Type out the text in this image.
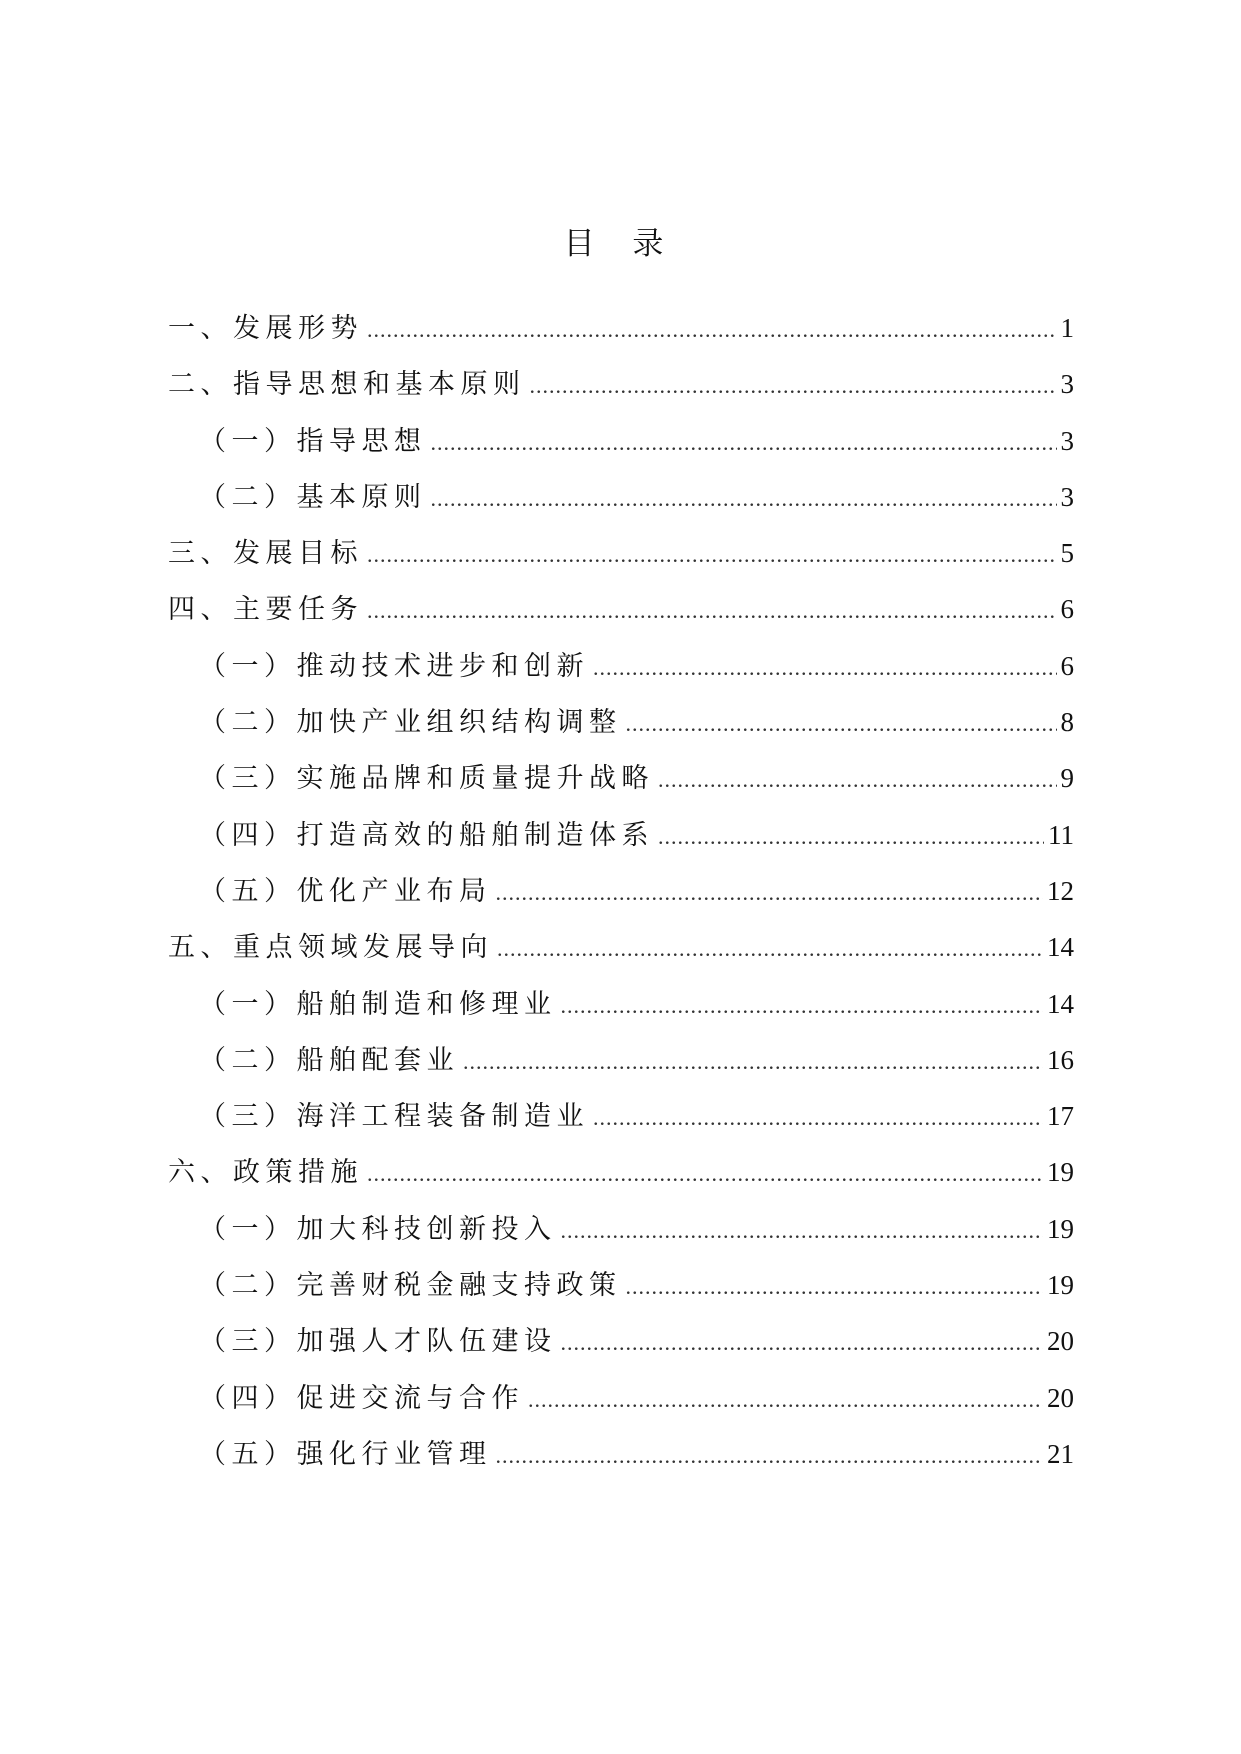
目 录
一、发展形势 .....	1
二、指导思想和基本原则 .....	3
（一）指导思想 .....	3
（二）基本原则 .....	3
三、发展目标 .....	5
四、主要任务 .....	6
（一）推动技术进步和创新 .....	6
（二）加快产业组织结构调整 .....	8
（三）实施品牌和质量提升战略 .....	9
（四）打造高效的船舶制造体系 .....	11
（五）优化产业布局 .....	12
五、重点领域发展导向 .....	14
（一）船舶制造和修理业 .....	14
（二）船舶配套业 .....	16
（三）海洋工程装备制造业 .....	17
六、政策措施 .....	19
（一）加大科技创新投入 .....	19
（二）完善财税金融支持政策 .....	19
（三）加强人才队伍建设 .....	20
（四）促进交流与合作 .....	20
（五）强化行业管理 .....	21
